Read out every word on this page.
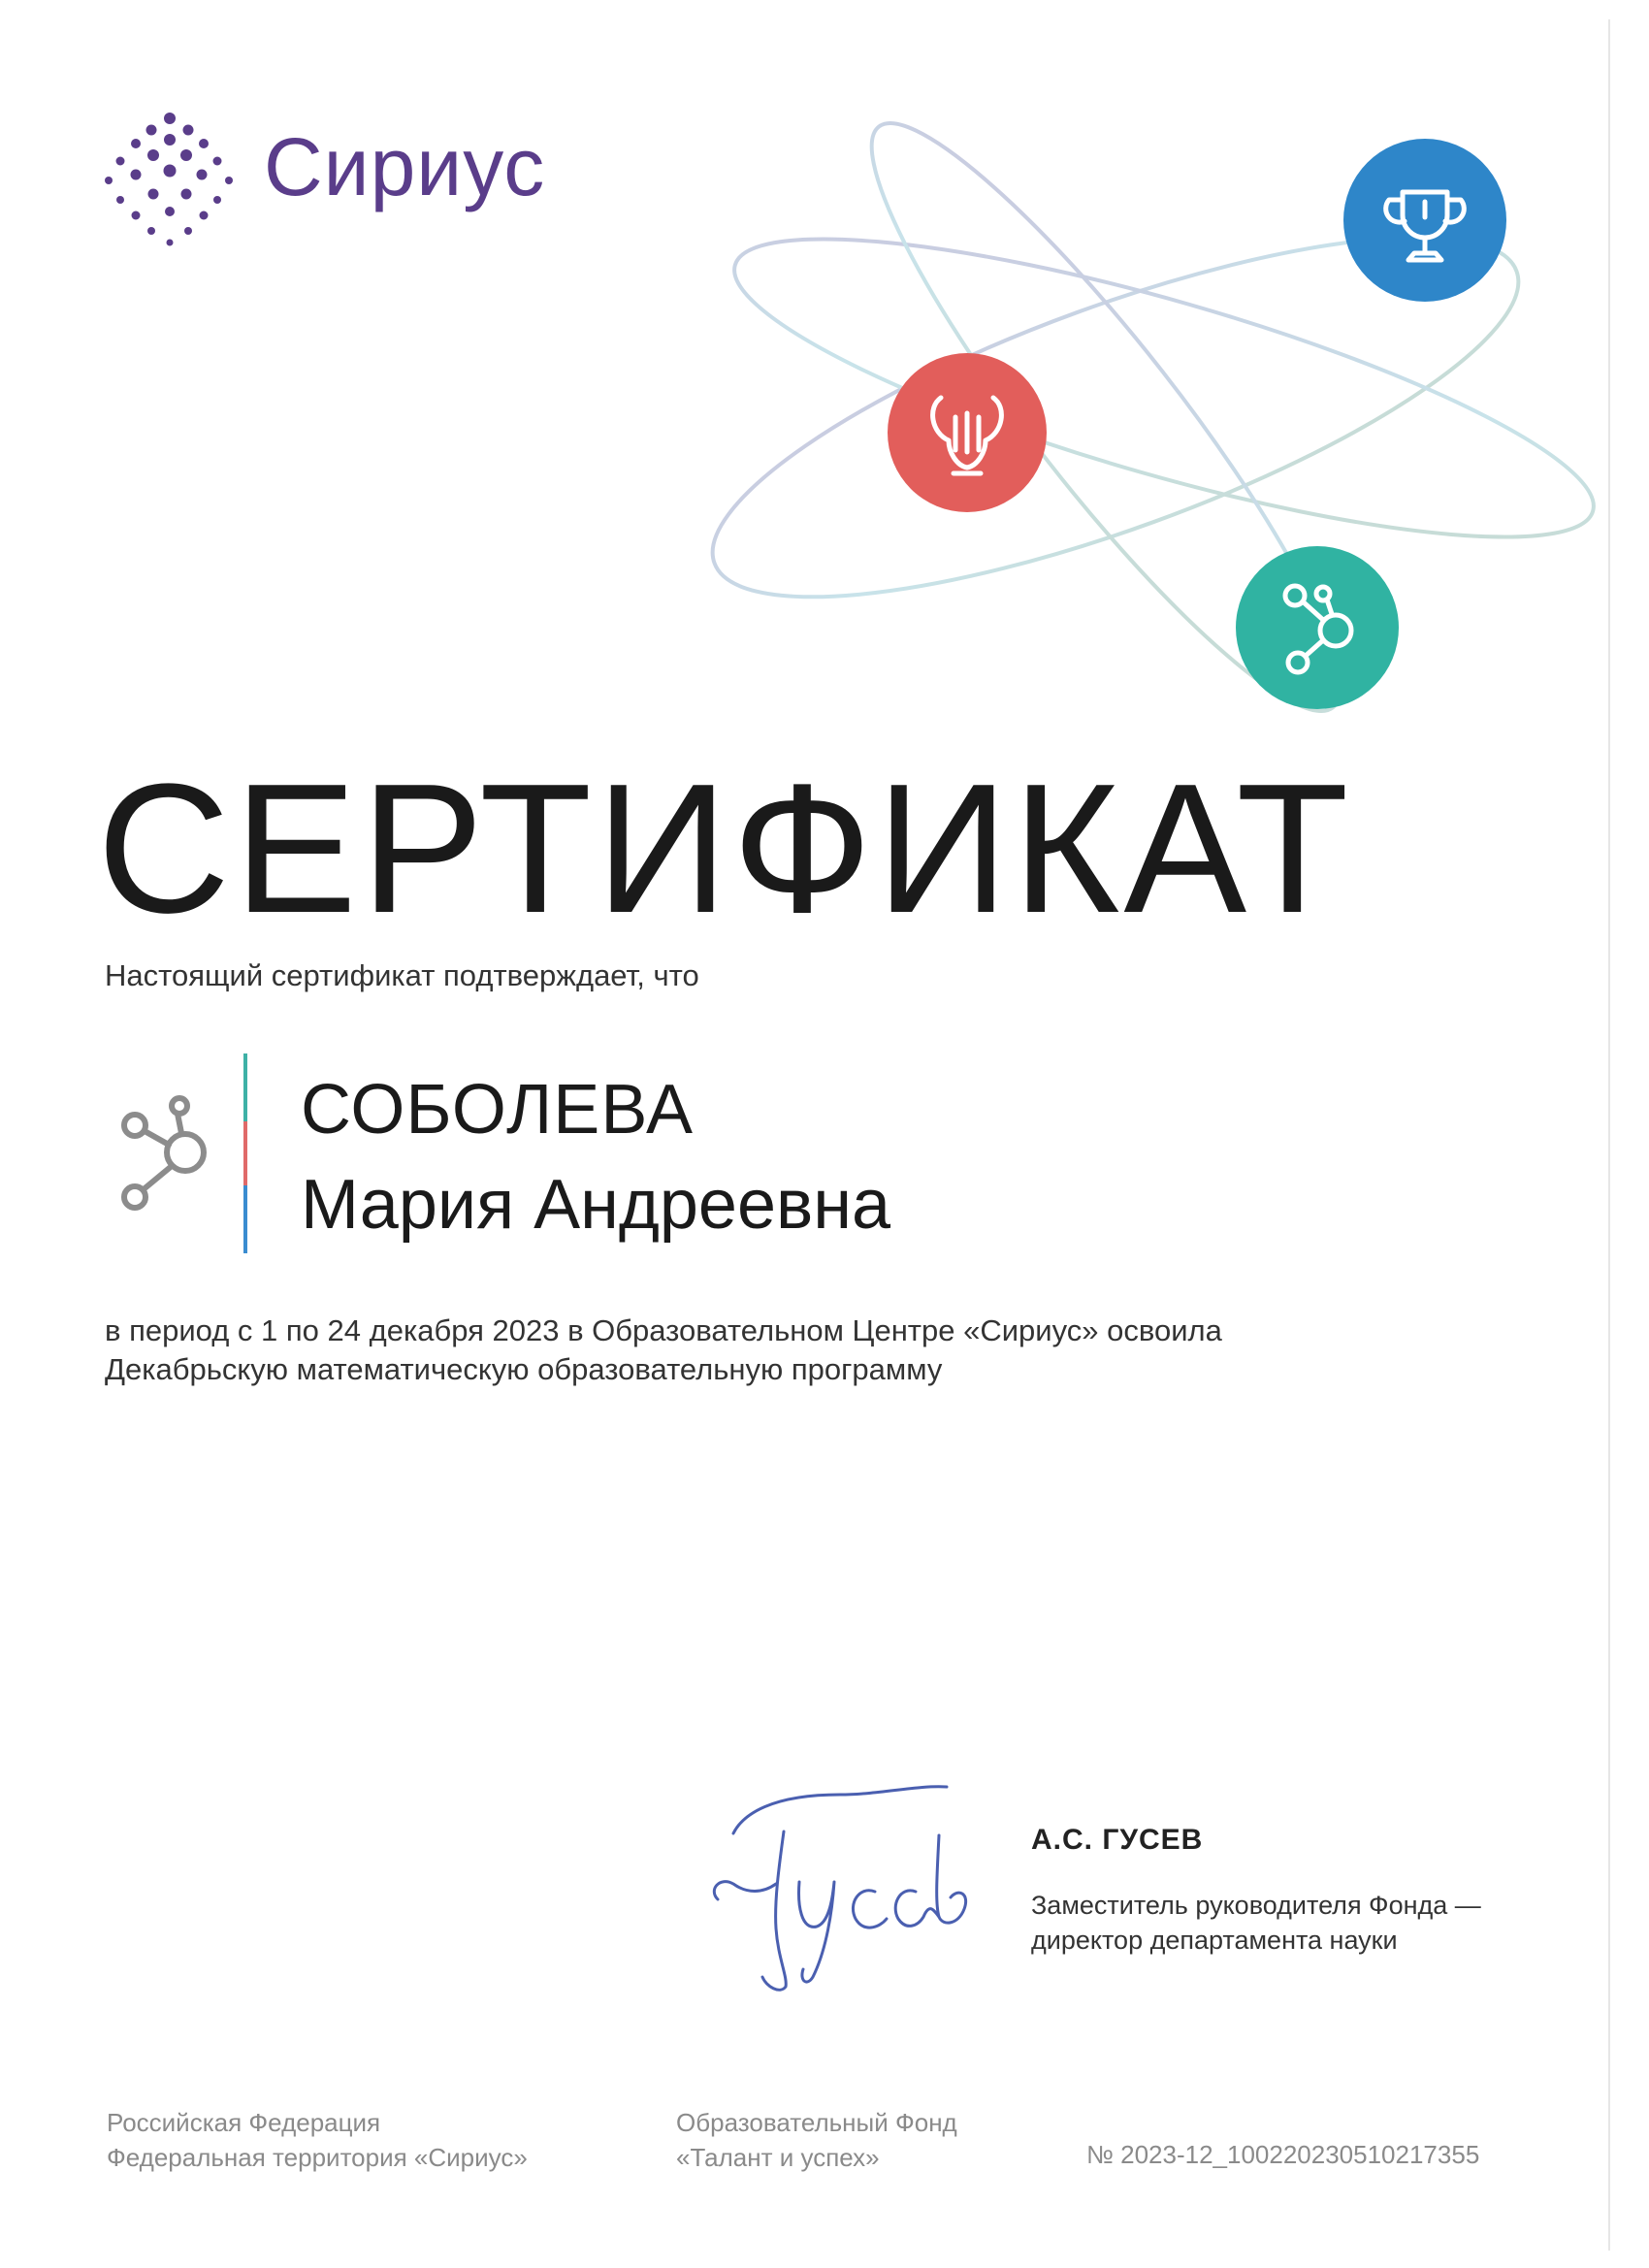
Сириус
СЕРТИФИКАТ
Настоящий сертификат подтверждает, что
СОБОЛЕВА
Мария Андреевна
в период с 1 по 24 декабря 2023 в Образовательном Центре «Сириус» освоила
Декабрьскую математическую образовательную программу
А.С. ГУСЕВ
Заместитель руководителя Фонда —
директор департамента науки
Российская Федерация
Федеральная территория «Сириус»
Образовательный Фонд
«Талант и успех»	№ 2023-12_100220230510217355
